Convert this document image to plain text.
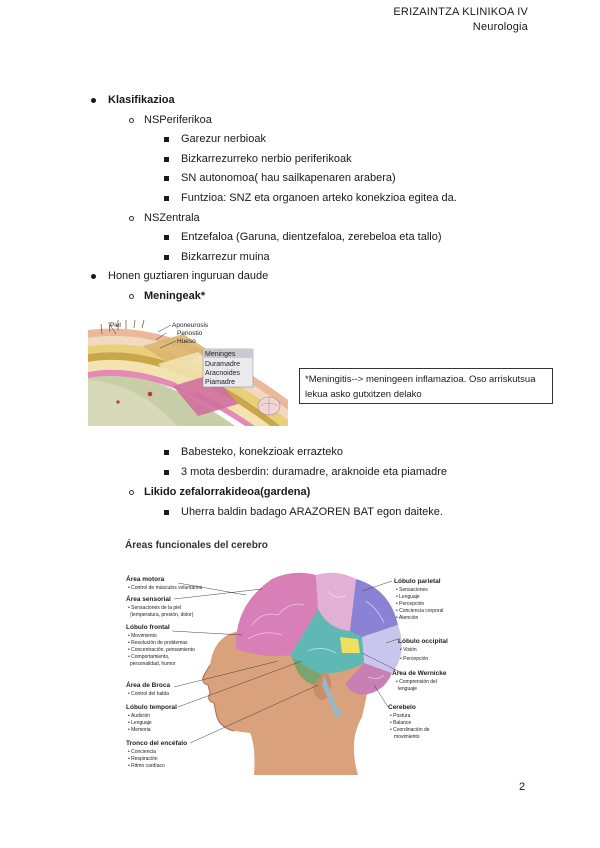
ERIZAINTZA KLINIKOA IV
Neurologia
Klasifikazioa
NSPeriferikoa
Garezur nerbioak
Bizkarrezurreko nerbio periferikoak
SN autonomoa( hau sailkapenaren arabera)
Funtzioa: SNZ eta organoen arteko konekzioa egitea da.
NSZentrala
Entzefaloa (Garuna, dientzefaloa, zerebeloa eta tallo)
Bizkarrezur muina
Honen guztiaren inguruan daude
Meningeak*
Piel	Aponeurosis
Periostio
Hueso
Meninges
Duramadre
Aracnoides
Piamadre	*Meningitis--> meningeen inflamazioa. Oso arriskutsua lekua asko gutxitzen delako
Babesteko, konekzioak errazteko
3 mota desberdin: duramadre, araknoide eta piamadre
Likido zefalorrakideoa(gardena)
Uherra baldin badago ARAZOREN BAT egon daiteke.
Áreas funcionales del cerebro
Área motora
• Control de músculos voluntarios
Área sensorial
• Sensaciones de la piel
(temperatura, presión, dolor)
Lóbulo frontal
• Movimiento
• Resolución de problemas
• Concentración, pensamiento
• Comportamiento,
personalidad, humor
Área de Broca
• Control del habla
Lóbulo temporal
• Audición
• Lenguaje
• Memoria
Tronco del encéfalo
• Conciencia
• Respiración
• Ritmo cardíaco
Lóbulo parietal
• Sensaciones
• Lenguaje
• Percepción
• Conciencia corporal
• Atención
Lóbulo occipital
• Visión
• Percepción
Área de Wernicke
• Comprensión del
lenguaje
Cerebelo
• Postura
• Balance
• Coordinación de
movimiento
2
